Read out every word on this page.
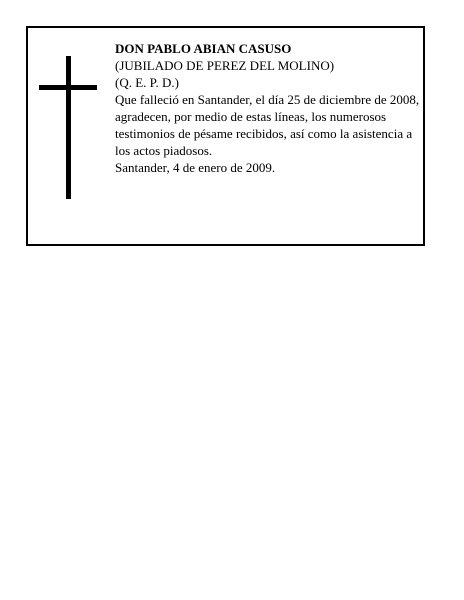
DON PABLO ABIAN CASUSO
(JUBILADO DE PEREZ DEL MOLINO)
(Q. E. P. D.)
Que falleció en Santander, el día 25 de diciembre de 2008,
agradecen, por medio de estas líneas, los numerosos testimonios de pésame recibidos, así como la asistencia a los actos piadosos.
Santander, 4 de enero de 2009.
